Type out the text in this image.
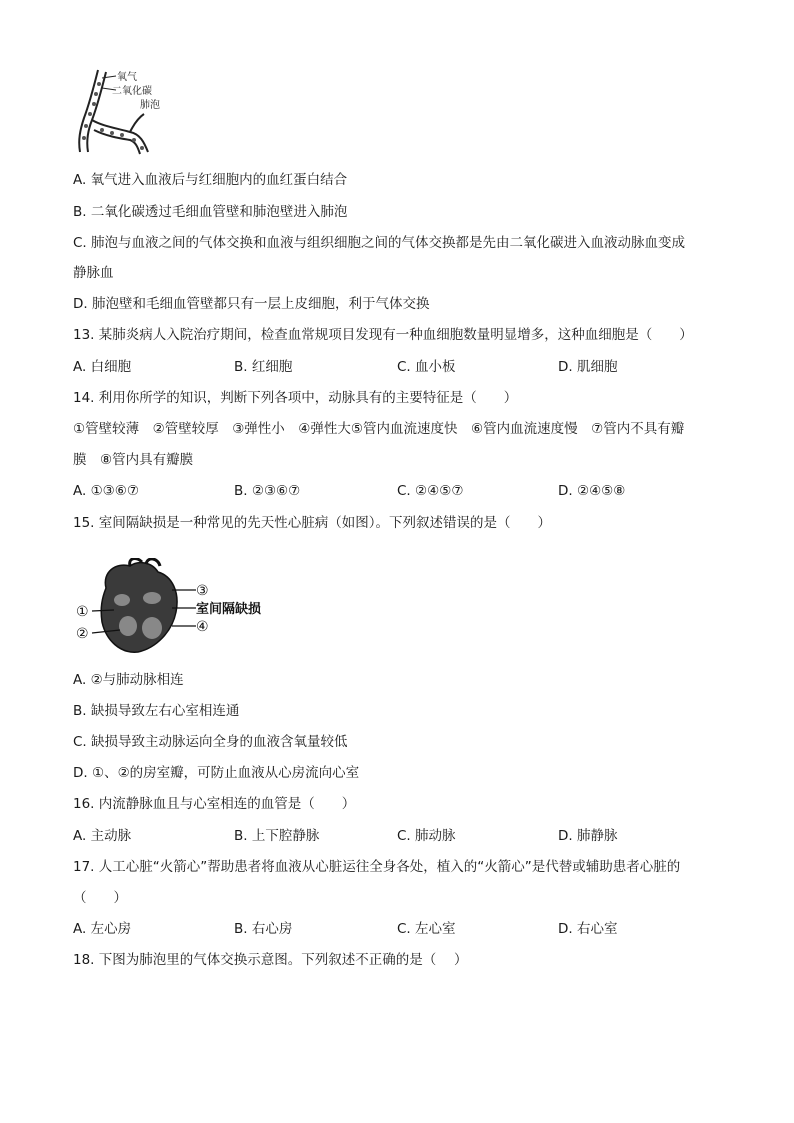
氧气
二氧化碳
肺泡
A. 氧气进入血液后与红细胞内的血红蛋白结合
B. 二氧化碳透过毛细血管壁和肺泡壁进入肺泡
C. 肺泡与血液之间的气体交换和血液与组织细胞之间的气体交换都是先由二氧化碳进入血液动脉血变成
静脉血
D. 肺泡壁和毛细血管壁都只有一层上皮细胞，利于气体交换
13. 某肺炎病人入院治疗期间，检查血常规项目发现有一种血细胞数量明显增多，这种血细胞是（　　）
A. 白细胞	B. 红细胞	C. 血小板	D. 肌细胞
14. 利用你所学的知识，判断下列各项中，动脉具有的主要特征是（　　）
①管壁较薄　②管壁较厚　③弹性小　④弹性大⑤管内血流速度快　⑥管内血流速度慢　⑦管内不具有瓣
膜　⑧管内具有瓣膜
A. ①③⑥⑦	B. ②③⑥⑦	C. ②④⑤⑦	D. ②④⑤⑧
15. 室间隔缺损是一种常见的先天性心脏病（如图）。下列叙述错误的是（　　）
①
②
③
室间隔缺损
④
A. ②与肺动脉相连
B. 缺损导致左右心室相连通
C. 缺损导致主动脉运向全身的血液含氧量较低
D. ①、②的房室瓣，可防止血液从心房流向心室
16. 内流静脉血且与心室相连的血管是（　　）
A. 主动脉	B. 上下腔静脉	C. 肺动脉	D. 肺静脉
17. 人工心脏“火箭心”帮助患者将血液从心脏运往全身各处，植入的“火箭心”是代替或辅助患者心脏的
（　　）
A. 左心房	B. 右心房	C. 左心室	D. 右心室
18. 下图为肺泡里的气体交换示意图。下列叙述不正确的是（　 ）
